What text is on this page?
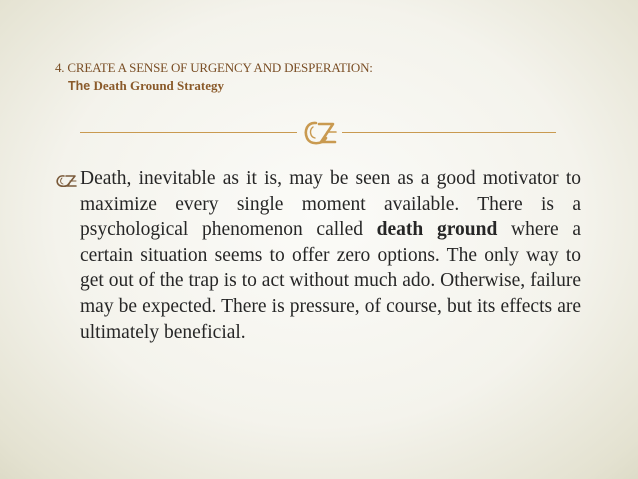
4. CREATE A SENSE OF URGENCY AND DESPERATION:
The Death Ground Strategy

Death, inevitable as it is, may be seen as a good motivator to maximize every single moment available. There is a psychological phenomenon called death ground where a certain situation seems to offer zero options. The only way to get out of the trap is to act without much ado. Otherwise, failure may be expected. There is pressure, of course, but its effects are ultimately beneficial.
